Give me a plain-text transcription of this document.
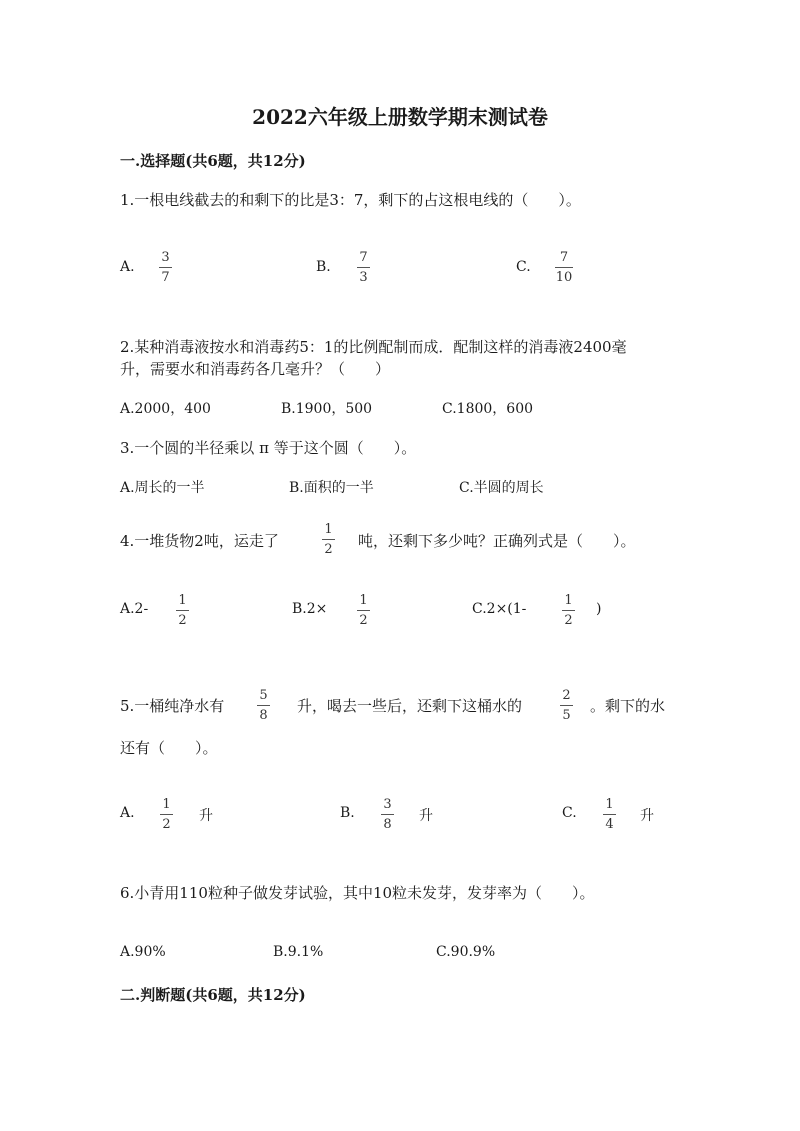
2022六年级上册数学期末测试卷
一.选择题(共6题，共12分)
1.一根电线截去的和剩下的比是3：7，剩下的占这根电线的（　　）。
A.
3
7
B.
7
3
C.
7
10
2.某种消毒液按水和消毒药5：1的比例配制而成．配制这样的消毒液2400毫
升，需要水和消毒药各几毫升？（　　）
A.2000，400	B.1900，500	C.1800，600
3.一个圆的半径乘以 π 等于这个圆（　　）。
A.周长的一半	B.面积的一半	C.半圆的周长
4.一堆货物2吨，运走了
1
2 吨，还剩下多少吨？正确列式是（　　）。
A.2-
1
2
B.2×
1
2
C.2×(1-
1
2
)
5.一桶纯净水有
5
8
升，喝去一些后，还剩下这桶水的
2
5
。剩下的水
还有（　　）。
A.
1
2
升	B.
3
8
升	C.
1
4
升
6.小青用110粒种子做发芽试验，其中10粒未发芽，发芽率为（　　）。
A.90%	B.9.1%	C.90.9%
二.判断题(共6题，共12分)
